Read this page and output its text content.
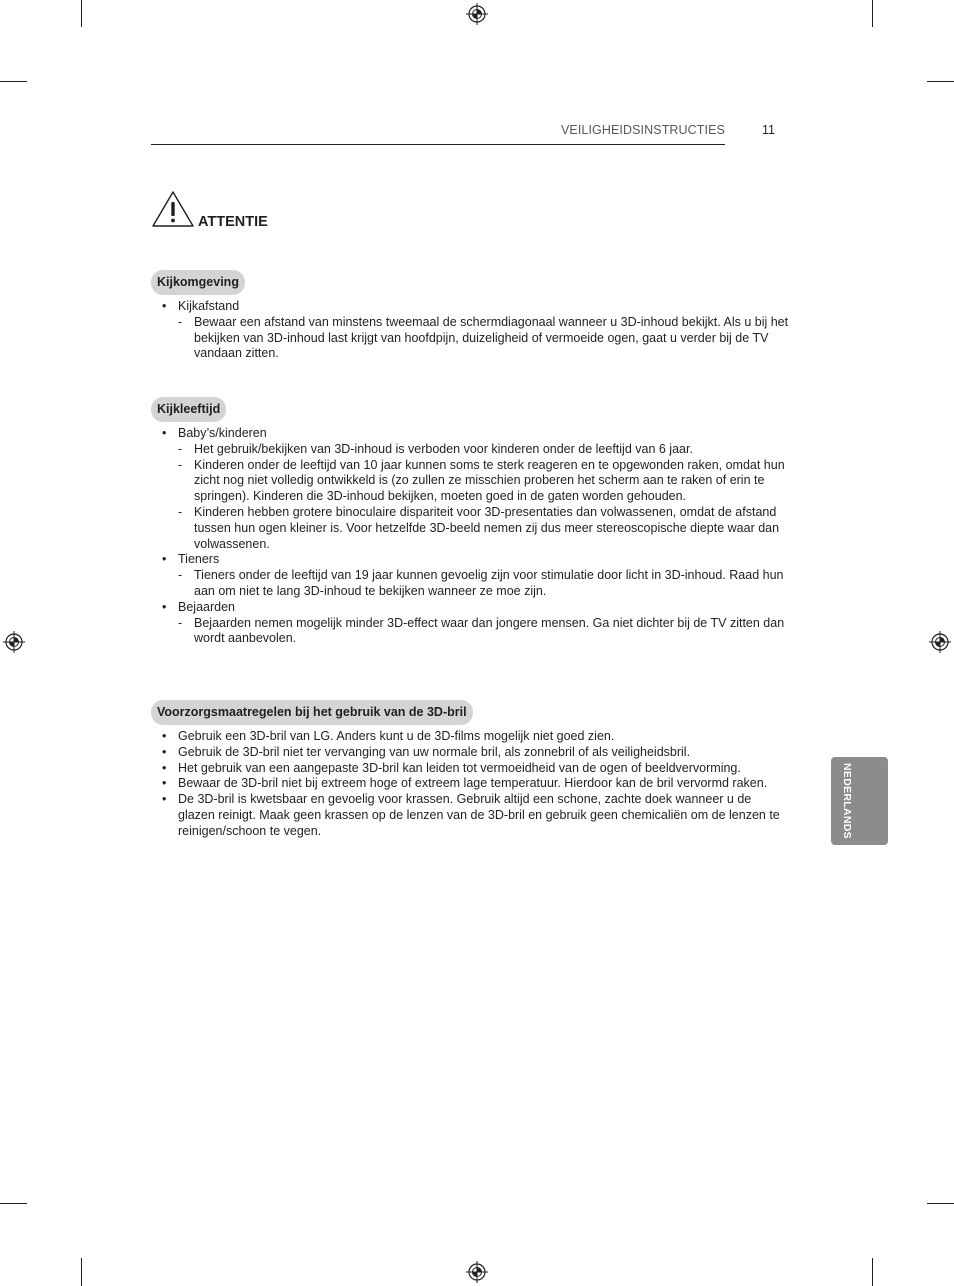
VEILIGHEIDSINSTRUCTIES	11
ATTENTIE
Kijkomgeving
• Kijkafstand
- Bewaar een afstand van minstens tweemaal de schermdiagonaal wanneer u 3D-inhoud bekijkt. Als u bij het bekijken van 3D-inhoud last krijgt van hoofdpijn, duizeligheid of vermoeide ogen, gaat u verder bij de TV vandaan zitten.
Kijkleeftijd
• Baby’s/kinderen
- Het gebruik/bekijken van 3D-inhoud is verboden voor kinderen onder de leeftijd van 6 jaar.
- Kinderen onder de leeftijd van 10 jaar kunnen soms te sterk reageren en te opgewonden raken, omdat hun zicht nog niet volledig ontwikkeld is (zo zullen ze misschien proberen het scherm aan te raken of erin te springen). Kinderen die 3D-inhoud bekijken, moeten goed in de gaten worden gehouden.
- Kinderen hebben grotere binoculaire dispariteit voor 3D-presentaties dan volwassenen, omdat de afstand tussen hun ogen kleiner is. Voor hetzelfde 3D-beeld nemen zij dus meer stereoscopische diepte waar dan volwassenen.
• Tieners
- Tieners onder de leeftijd van 19 jaar kunnen gevoelig zijn voor stimulatie door licht in 3D-inhoud. Raad hun aan om niet te lang 3D-inhoud te bekijken wanneer ze moe zijn.
• Bejaarden
- Bejaarden nemen mogelijk minder 3D-effect waar dan jongere mensen. Ga niet dichter bij de TV zitten dan wordt aanbevolen.
Voorzorgsmaatregelen bij het gebruik van de 3D-bril
• Gebruik een 3D-bril van LG. Anders kunt u de 3D-films mogelijk niet goed zien.
• Gebruik de 3D-bril niet ter vervanging van uw normale bril, als zonnebril of als veiligheidsbril.
• Het gebruik van een aangepaste 3D-bril kan leiden tot vermoeidheid van de ogen of beeldvervorming.
• Bewaar de 3D-bril niet bij extreem hoge of extreem lage temperatuur. Hierdoor kan de bril vervormd raken.
• De 3D-bril is kwetsbaar en gevoelig voor krassen. Gebruik altijd een schone, zachte doek wanneer u de glazen reinigt. Maak geen krassen op de lenzen van de 3D-bril en gebruik geen chemicaliën om de lenzen te reinigen/schoon te vegen.	NEDERLANDS
